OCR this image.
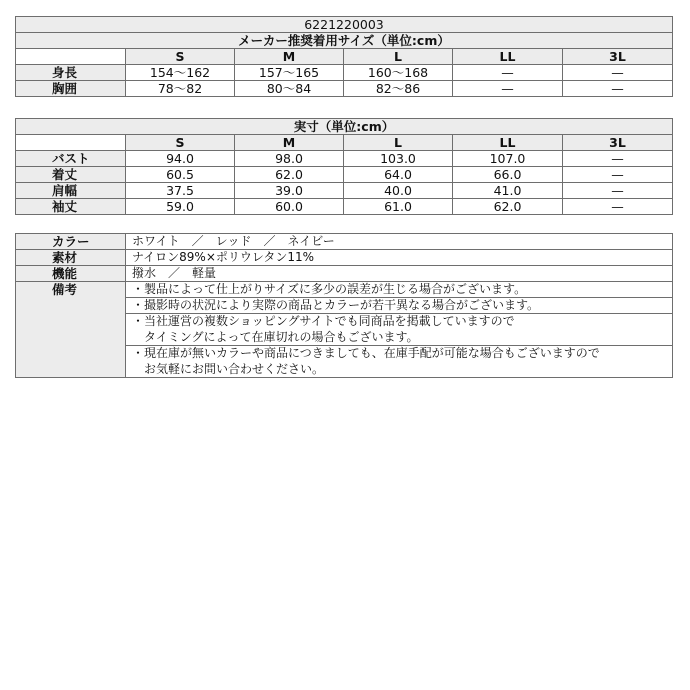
6221220003					
メーカー推奨着用サイズ（単位:cm）					
	S	M	L	LL	3L
身長	154〜162	157〜165	160〜168	—	—
胸囲	78〜82	80〜84	82〜86	—	—
実寸（単位:cm）					
	S	M	L	LL	3L
バスト	94.0	98.0	103.0	107.0	—
着丈	60.5	62.0	64.0	66.0	—
肩幅	37.5	39.0	40.0	41.0	—
袖丈	59.0	60.0	61.0	62.0	—
カラー	ホワイト　／　レッド　／　ネイビー
素材	ナイロン89%×ポリウレタン11%
機能	撥水　／　軽量
備考	・製品によって仕上がりサイズに多少の誤差が生じる場合がございます。

	・撮影時の状況により実際の商品とカラーが若干異なる場合がございます。

	・当社運営の複数ショッピングサイトでも同商品を掲載していますので
　タイミングによって在庫切れの場合もございます。

	・現在庫が無いカラーや商品につきましても、在庫手配が可能な場合もございますので
　お気軽にお問い合わせください。
